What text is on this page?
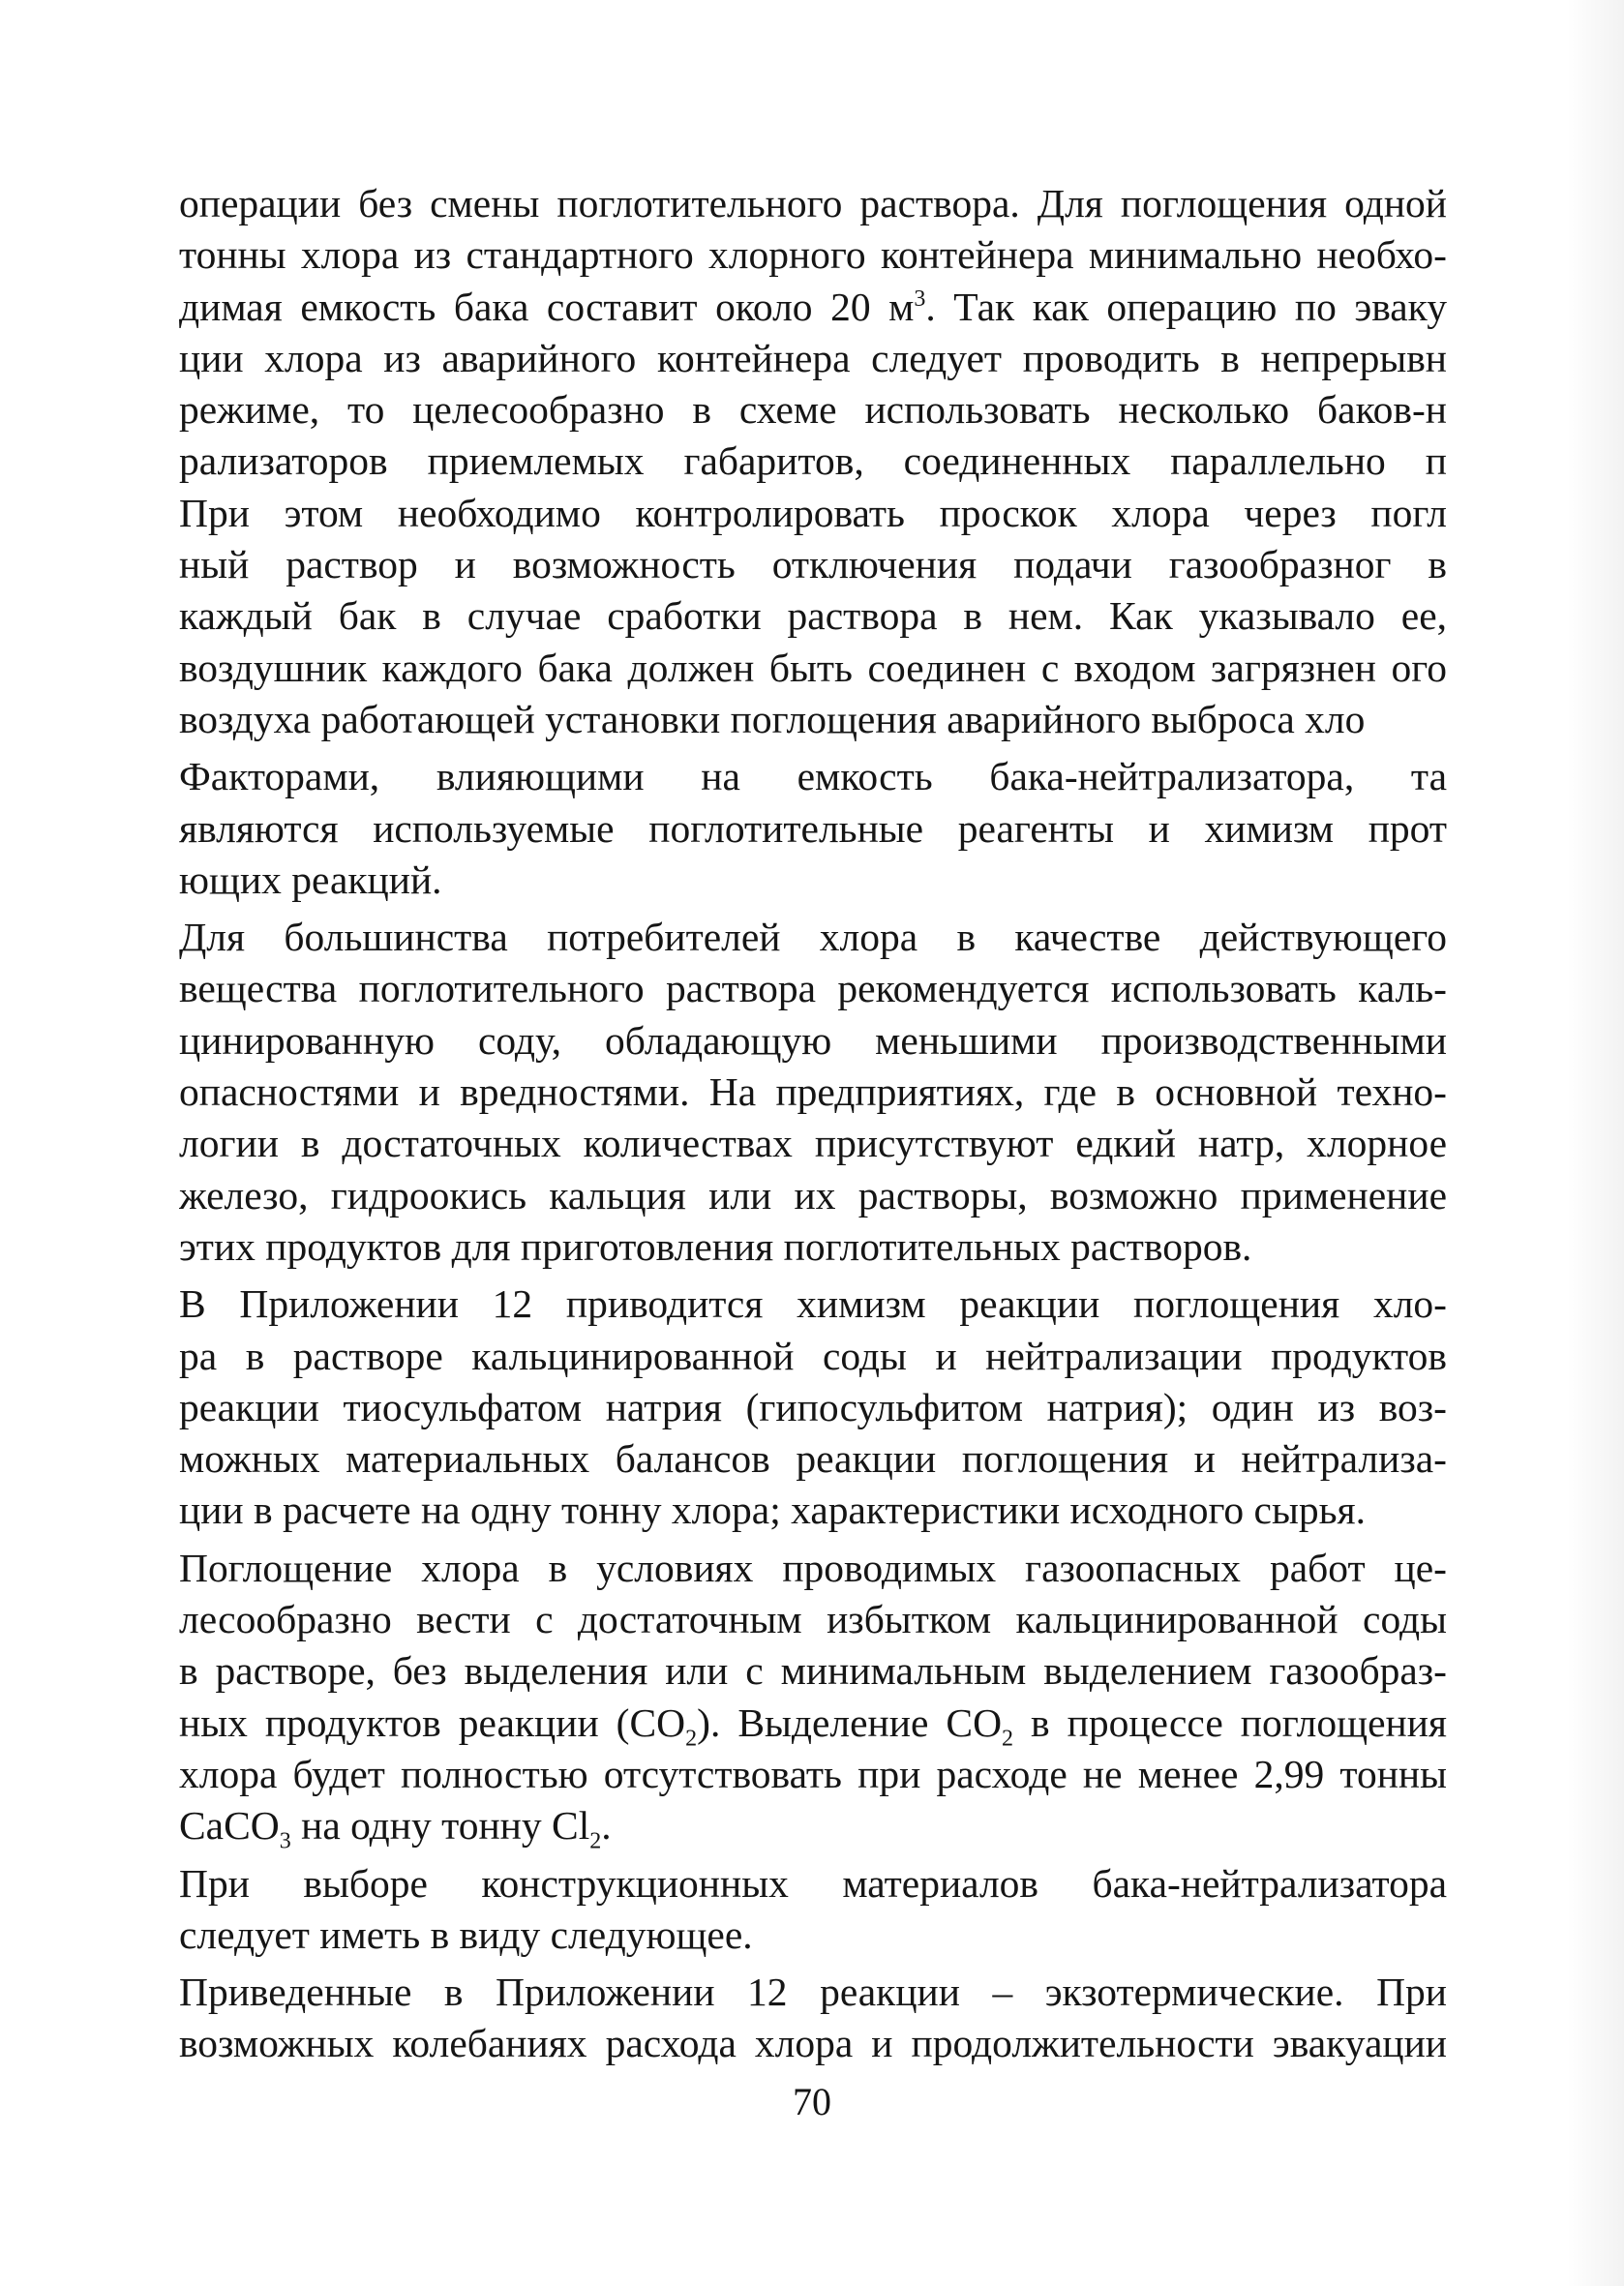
операции без смены поглотительного раствора. Для поглощения одной
тонны хлора из стандартного хлорного контейнера минимально необхо-
димая емкость бака составит около 20 $м^3$. Так как операцию по эваку
ции хлора из аварийного контейнера следует проводить в непрерывн
режиме, то целесообразно в схеме использовать несколько баков-н
рализаторов приемлемых габаритов, соединенных параллельно п
При этом необходимо контролировать проскок хлора через погл
ный раствор и возможность отключения подачи газообразног в
каждый бак в случае сработки раствора в нем. Как указывало ее,
воздушник каждого бака должен быть соединен с входом загрязнен ого
воздуха работающей установки поглощения аварийного выброса хло
Факторами, влияющими на емкость бака-нейтрализатора, та
являются используемые поглотительные реагенты и химизм прот
ющих реакций.
Для большинства потребителей хлора в качестве действующего
вещества поглотительного раствора рекомендуется использовать каль-
цинированную соду, обладающую меньшими производственными
опасностями и вредностями. На предприятиях, где в основной техно-
логии в достаточных количествах присутствуют едкий натр, хлорное
железо, гидроокись кальция или их растворы, возможно применение
этих продуктов для приготовления поглотительных растворов.
В Приложении 12 приводится химизм реакции поглощения хло-
ра в растворе кальцинированной соды и нейтрализации продуктов
реакции тиосульфатом натрия (гипосульфитом натрия); один из воз-
можных материальных балансов реакции поглощения и нейтрализа-
ции в расчете на одну тонну хлора; характеристики исходного сырья.
Поглощение хлора в условиях проводимых газоопасных работ це-
лесообразно вести с достаточным избытком кальцинированной соды
в растворе, без выделения или с минимальным выделением газообраз-
ных продуктов реакции $(СО_2)$. Выделение $СО_2$ в процессе поглощения
хлора будет полностью отсутствовать при расходе не менее 2,99 тонны
СаСО$_3$ на одну тонну $Cl_2$.
При выборе конструкционных материалов бака-нейтрализатора
следует иметь в виду следующее.
Приведенные в Приложении 12 реакции – экзотермические. При
возможных колебаниях расхода хлора и продолжительности эвакуации
70
